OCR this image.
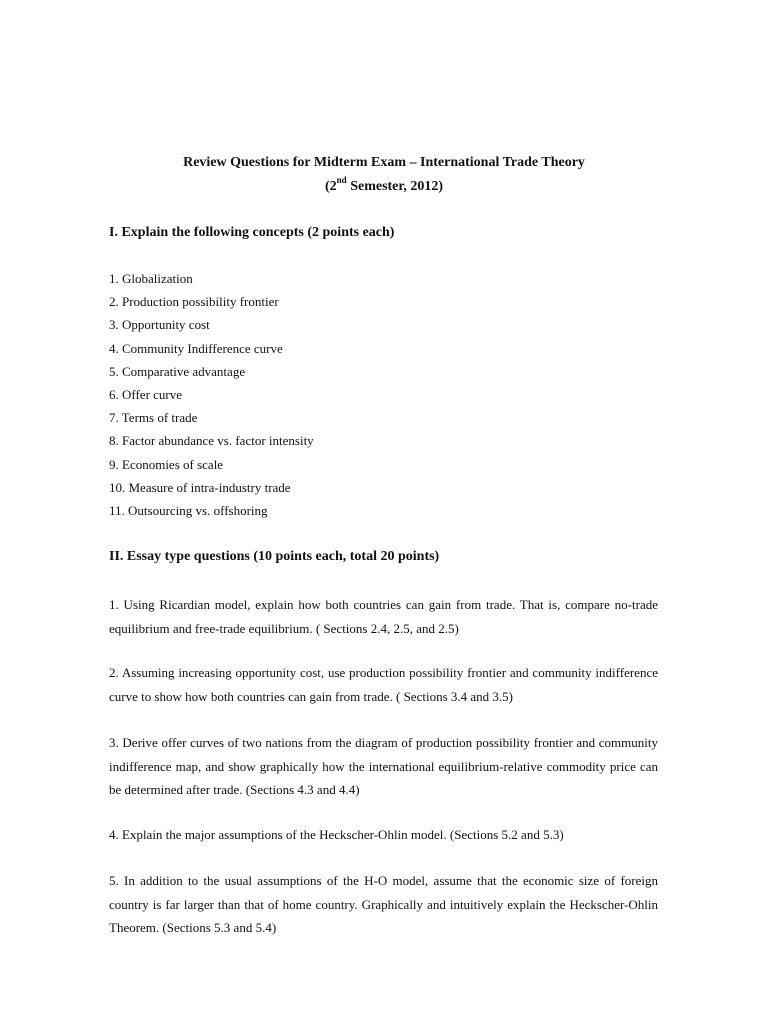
Review Questions for Midterm Exam – International Trade Theory
(2nd Semester, 2012)
I. Explain the following concepts (2 points each)
1. Globalization
2. Production possibility frontier
3. Opportunity cost
4. Community Indifference curve
5. Comparative advantage
6. Offer curve
7. Terms of trade
8. Factor abundance vs. factor intensity
9. Economies of scale
10. Measure of intra-industry trade
11. Outsourcing vs. offshoring
II. Essay type questions (10 points each, total 20 points)

1. Using Ricardian model, explain how both countries can gain from trade. That is, compare no-trade equilibrium and free-trade equilibrium. ( Sections 2.4, 2.5, and 2.5)

2. Assuming increasing opportunity cost, use production possibility frontier and community indifference curve to show how both countries can gain from trade. ( Sections 3.4 and 3.5)

3. Derive offer curves of two nations from the diagram of production possibility frontier and community indifference map, and show graphically how the international equilibrium-relative commodity price can be determined after trade. (Sections 4.3 and 4.4)

4. Explain the major assumptions of the Heckscher-Ohlin model. (Sections 5.2 and 5.3)

5. In addition to the usual assumptions of the H-O model, assume that the economic size of foreign country is far larger than that of home country. Graphically and intuitively explain the Heckscher-Ohlin Theorem. (Sections 5.3 and 5.4)
